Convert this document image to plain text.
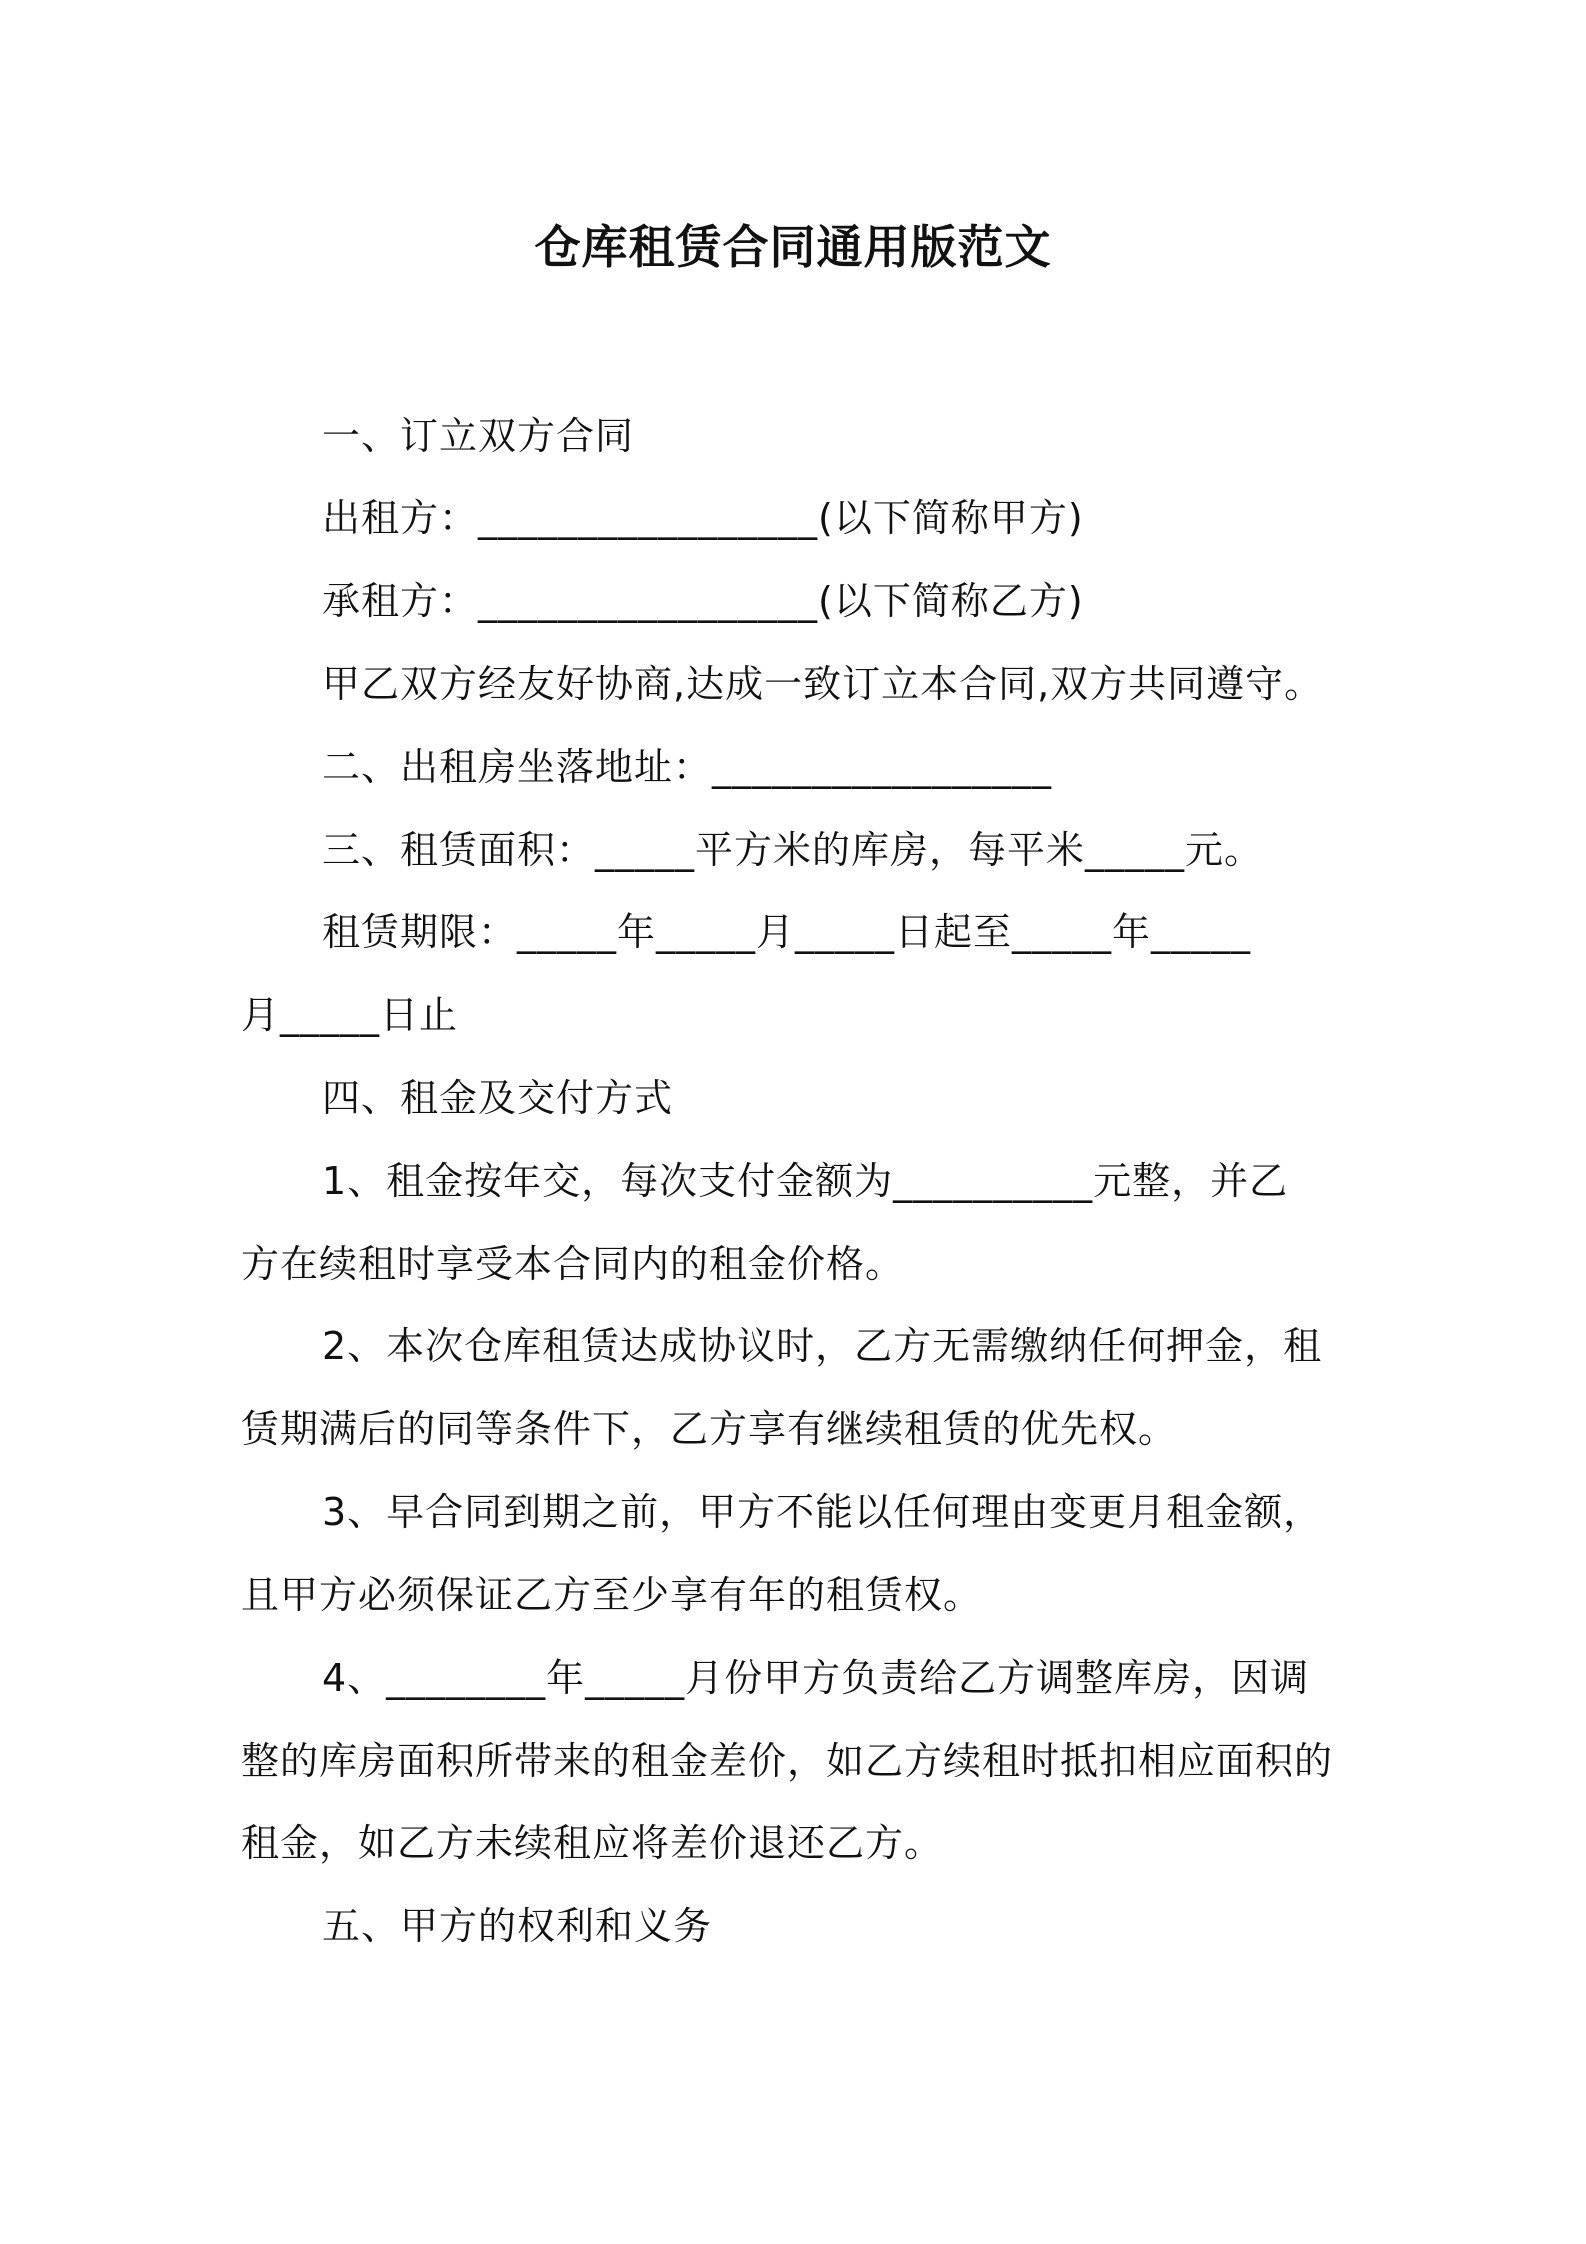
仓库租赁合同通用版范文
一、订立双方合同
出租方：_________________(以下简称甲方)
承租方：_________________(以下简称乙方)
甲乙双方经友好协商,达成一致订立本合同,双方共同遵守。
二、出租房坐落地址：_________________
三、租赁面积：_____平方米的库房，每平米_____元。
租赁期限：_____年_____月_____日起至_____年_____
月_____日止
四、租金及交付方式
1、租金按年交，每次支付金额为__________元整，并乙
方在续租时享受本合同内的租金价格。
2、本次仓库租赁达成协议时，乙方无需缴纳任何押金，租
赁期满后的同等条件下，乙方享有继续租赁的优先权。
3、早合同到期之前，甲方不能以任何理由变更月租金额，
且甲方必须保证乙方至少享有年的租赁权。
4、________年_____月份甲方负责给乙方调整库房，因调
整的库房面积所带来的租金差价，如乙方续租时抵扣相应面积的
租金，如乙方未续租应将差价退还乙方。
五、甲方的权利和义务
